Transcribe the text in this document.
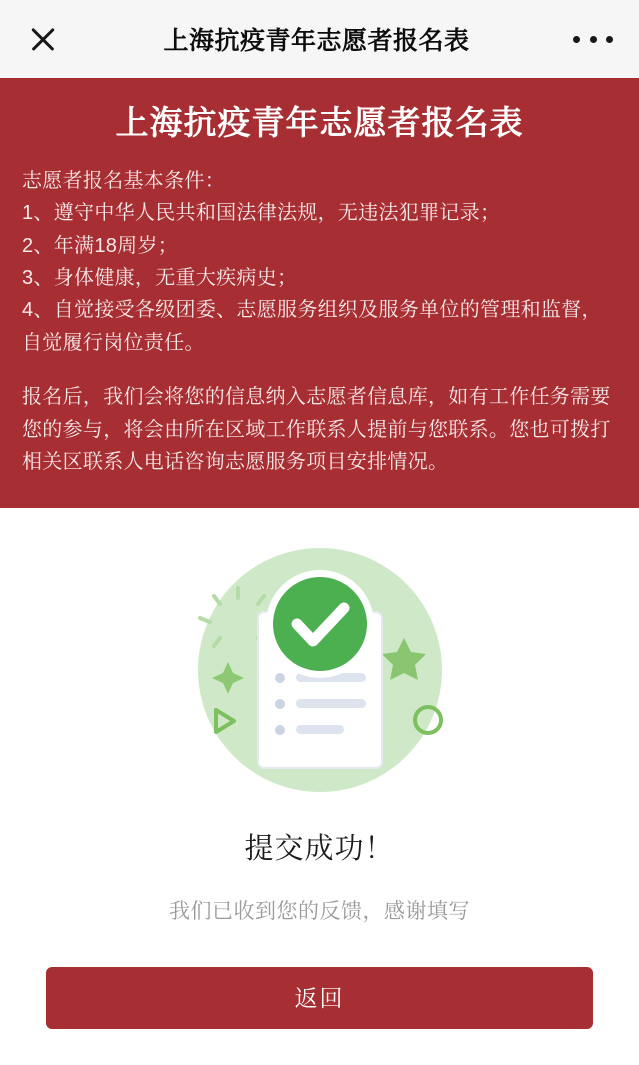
上海抗疫青年志愿者报名表
上海抗疫青年志愿者报名表

志愿者报名基本条件：

1、遵守中华人民共和国法律法规，无违法犯罪记录；

2、年满18周岁；

3、身体健康，无重大疾病史；

4、自觉接受各级团委、志愿服务组织及服务单位的管理和监督，自觉履行岗位责任。

报名后，我们会将您的信息纳入志愿者信息库，如有工作任务需要您的参与，将会由所在区域工作联系人提前与您联系。您也可拨打相关区联系人电话咨询志愿服务项目安排情况。

提交成功！
我们已收到您的反馈，感谢填写
返回
